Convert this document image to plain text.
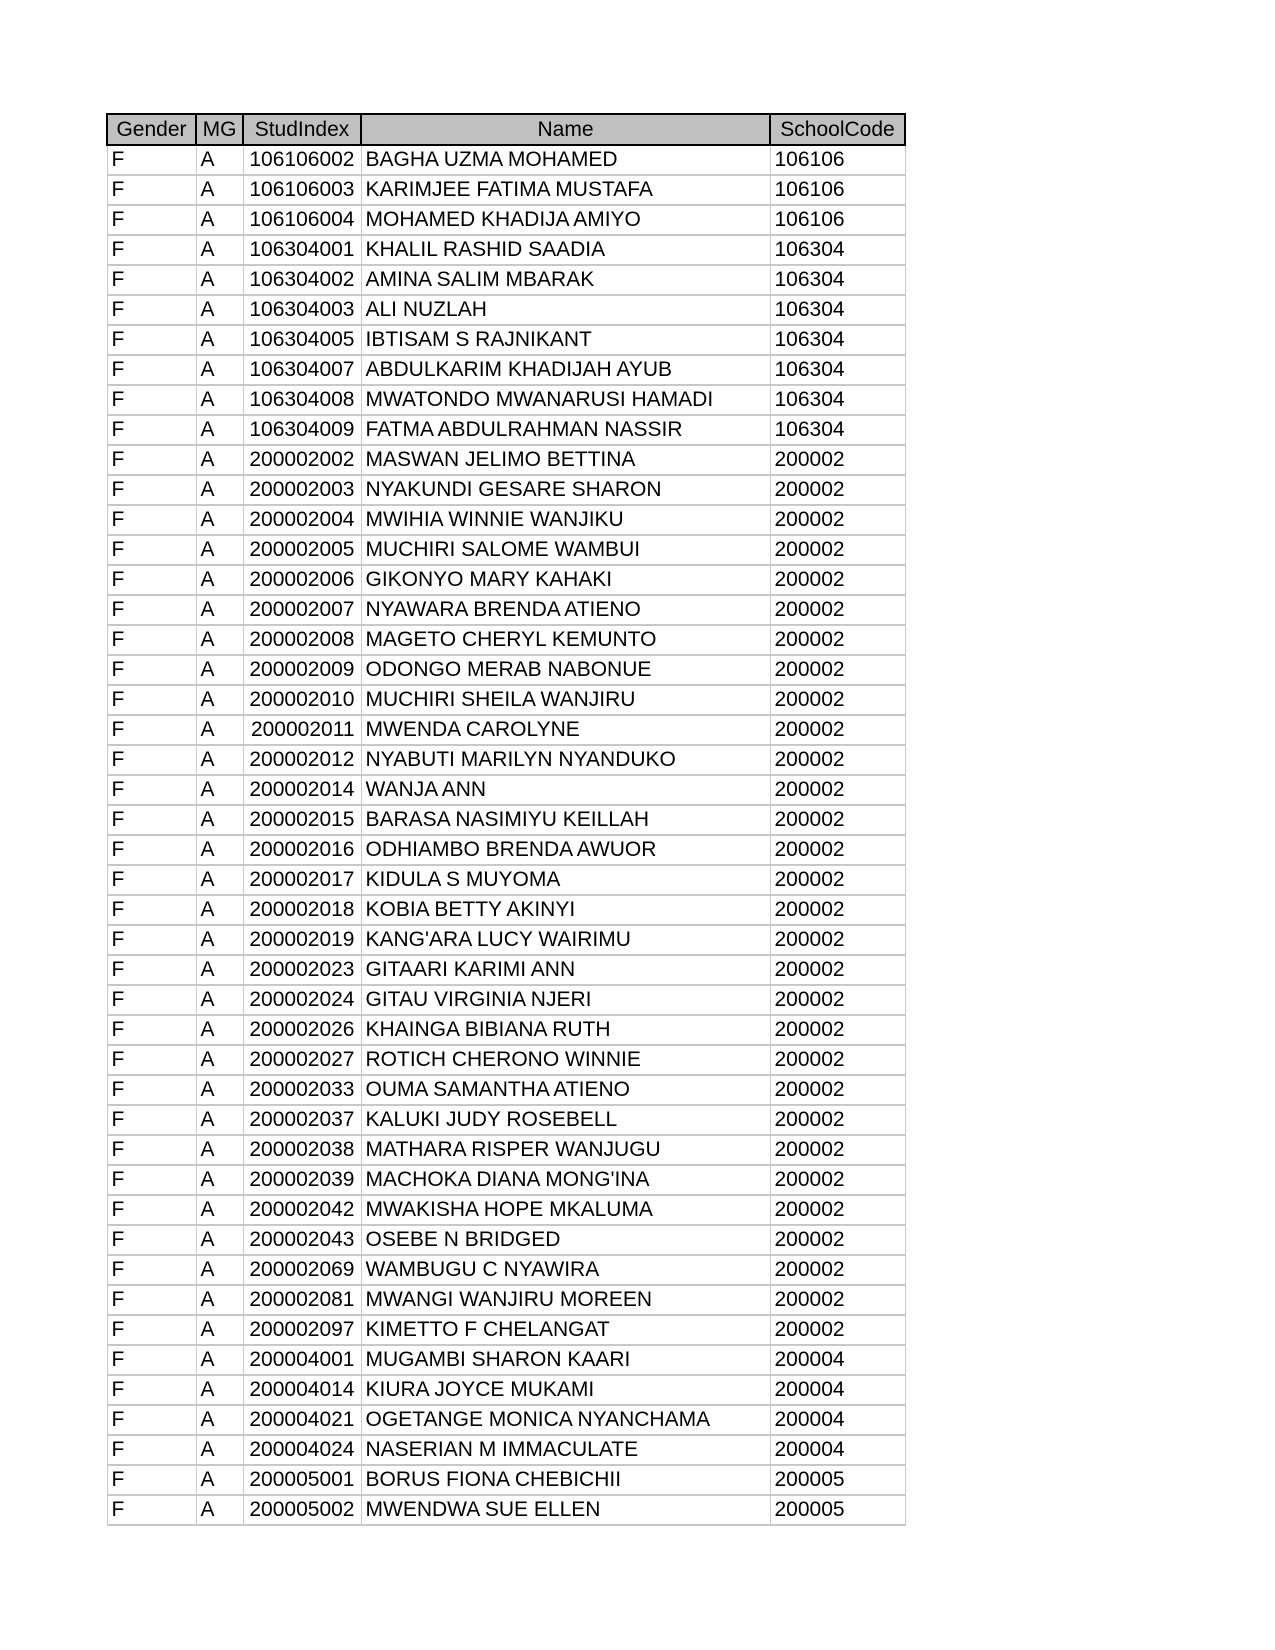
Gender	MG	StudIndex	Name	SchoolCode
F	A	106106002	BAGHA UZMA MOHAMED	106106
F	A	106106003	KARIMJEE FATIMA MUSTAFA	106106
F	A	106106004	MOHAMED KHADIJA AMIYO	106106
F	A	106304001	KHALIL RASHID SAADIA	106304
F	A	106304002	AMINA SALIM MBARAK	106304
F	A	106304003	ALI NUZLAH	106304
F	A	106304005	IBTISAM S RAJNIKANT	106304
F	A	106304007	ABDULKARIM KHADIJAH AYUB	106304
F	A	106304008	MWATONDO MWANARUSI HAMADI	106304
F	A	106304009	FATMA ABDULRAHMAN NASSIR	106304
F	A	200002002	MASWAN JELIMO BETTINA	200002
F	A	200002003	NYAKUNDI GESARE SHARON	200002
F	A	200002004	MWIHIA WINNIE WANJIKU	200002
F	A	200002005	MUCHIRI SALOME WAMBUI	200002
F	A	200002006	GIKONYO MARY KAHAKI	200002
F	A	200002007	NYAWARA BRENDA ATIENO	200002
F	A	200002008	MAGETO CHERYL KEMUNTO	200002
F	A	200002009	ODONGO MERAB NABONUE	200002
F	A	200002010	MUCHIRI SHEILA WANJIRU	200002
F	A	200002011	MWENDA CAROLYNE	200002
F	A	200002012	NYABUTI MARILYN NYANDUKO	200002
F	A	200002014	WANJA ANN	200002
F	A	200002015	BARASA NASIMIYU KEILLAH	200002
F	A	200002016	ODHIAMBO BRENDA AWUOR	200002
F	A	200002017	KIDULA S MUYOMA	200002
F	A	200002018	KOBIA BETTY AKINYI	200002
F	A	200002019	KANG'ARA LUCY WAIRIMU	200002
F	A	200002023	GITAARI KARIMI ANN	200002
F	A	200002024	GITAU VIRGINIA NJERI	200002
F	A	200002026	KHAINGA BIBIANA RUTH	200002
F	A	200002027	ROTICH CHERONO WINNIE	200002
F	A	200002033	OUMA SAMANTHA ATIENO	200002
F	A	200002037	KALUKI JUDY ROSEBELL	200002
F	A	200002038	MATHARA RISPER WANJUGU	200002
F	A	200002039	MACHOKA DIANA MONG'INA	200002
F	A	200002042	MWAKISHA HOPE MKALUMA	200002
F	A	200002043	OSEBE N BRIDGED	200002
F	A	200002069	WAMBUGU C NYAWIRA	200002
F	A	200002081	MWANGI WANJIRU MOREEN	200002
F	A	200002097	KIMETTO F CHELANGAT	200002
F	A	200004001	MUGAMBI SHARON KAARI	200004
F	A	200004014	KIURA JOYCE MUKAMI	200004
F	A	200004021	OGETANGE MONICA NYANCHAMA	200004
F	A	200004024	NASERIAN M IMMACULATE	200004
F	A	200005001	BORUS FIONA CHEBICHII	200005
F	A	200005002	MWENDWA SUE ELLEN	200005
